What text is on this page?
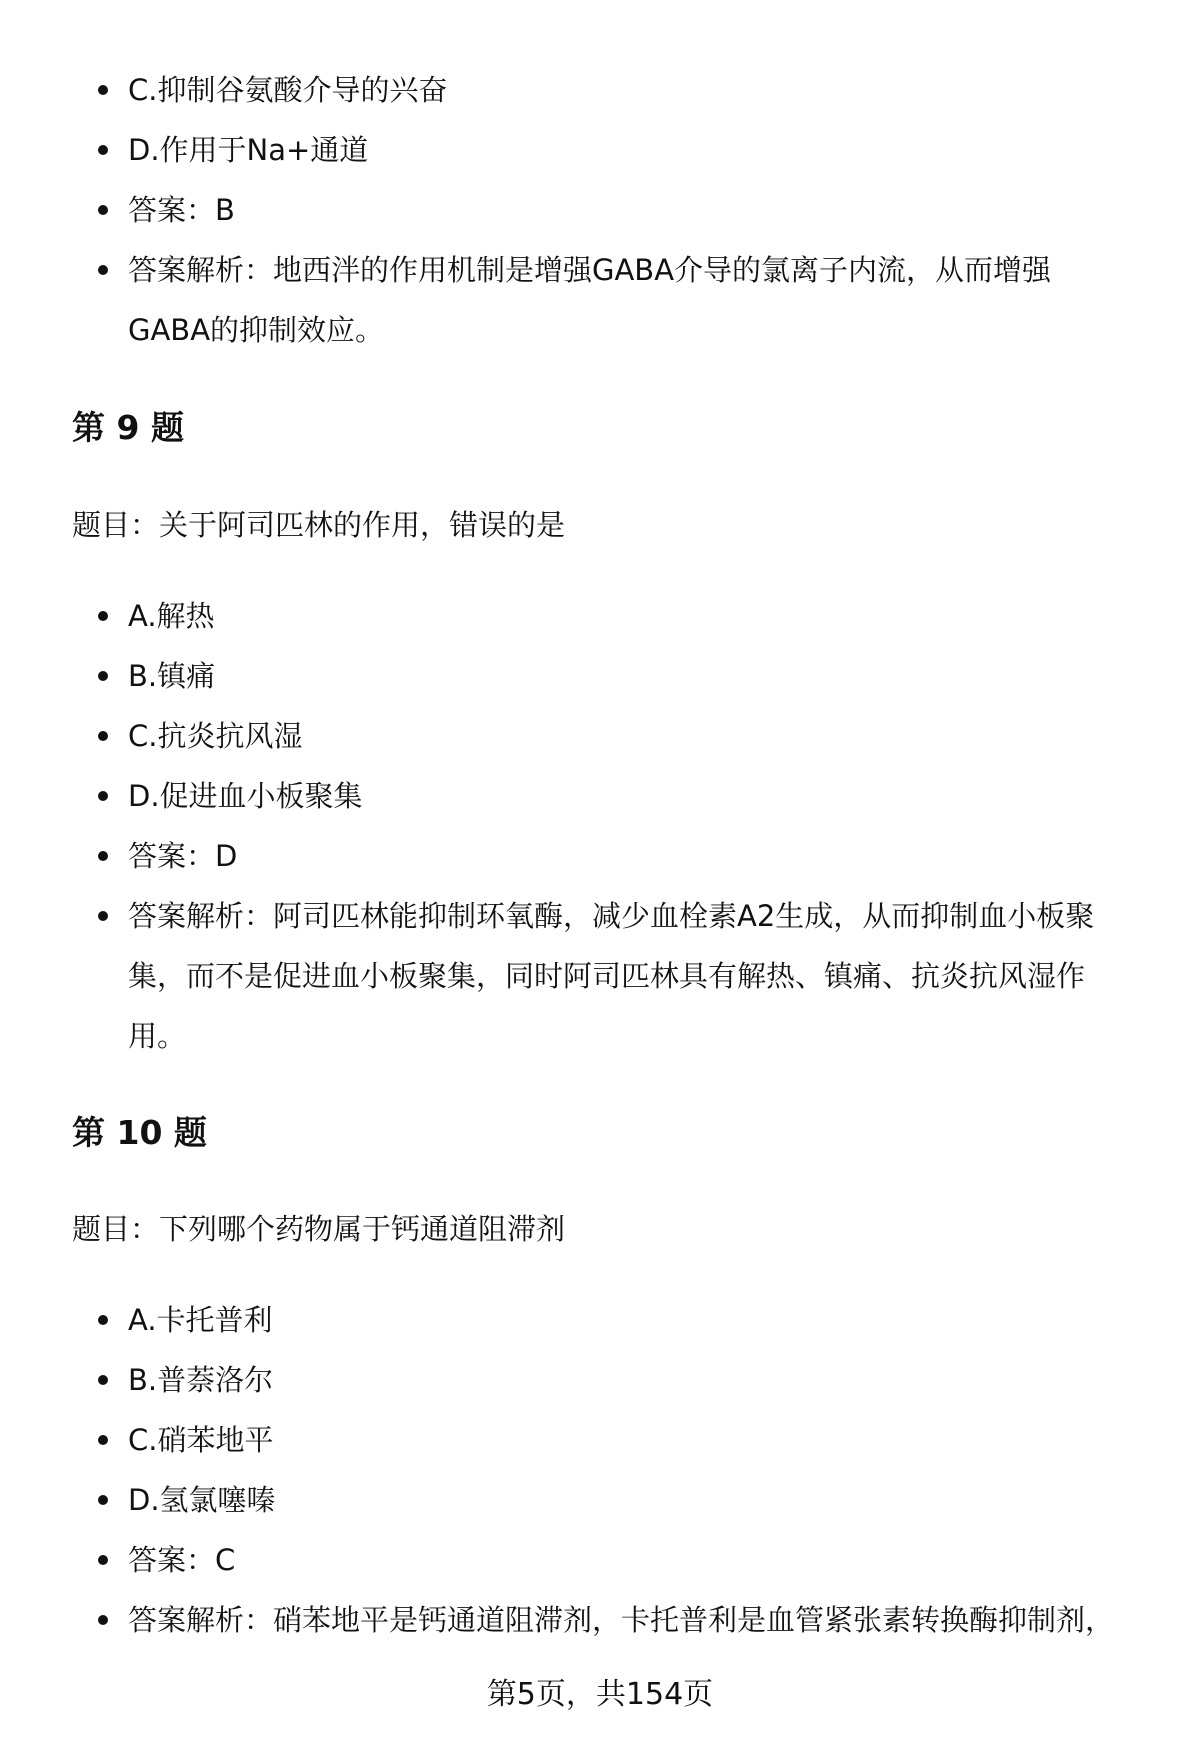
C.抑制谷氨酸介导的兴奋
D.作用于Na+通道
答案：B
答案解析：地西泮的作用机制是增强GABA介导的氯离子内流，从而增强GABA的抑制效应。
第 9 题

题目：关于阿司匹林的作用，错误的是

A.解热
B.镇痛
C.抗炎抗风湿
D.促进血小板聚集
答案：D
答案解析：阿司匹林能抑制环氧酶，减少血栓素A2生成，从而抑制血小板聚集，而不是促进血小板聚集，同时阿司匹林具有解热、镇痛、抗炎抗风湿作用。
第 10 题

题目：下列哪个药物属于钙通道阻滞剂

A.卡托普利
B.普萘洛尔
C.硝苯地平
D.氢氯噻嗪
答案：C
答案解析：硝苯地平是钙通道阻滞剂，卡托普利是血管紧张素转换酶抑制剂，
第5页，共154页
